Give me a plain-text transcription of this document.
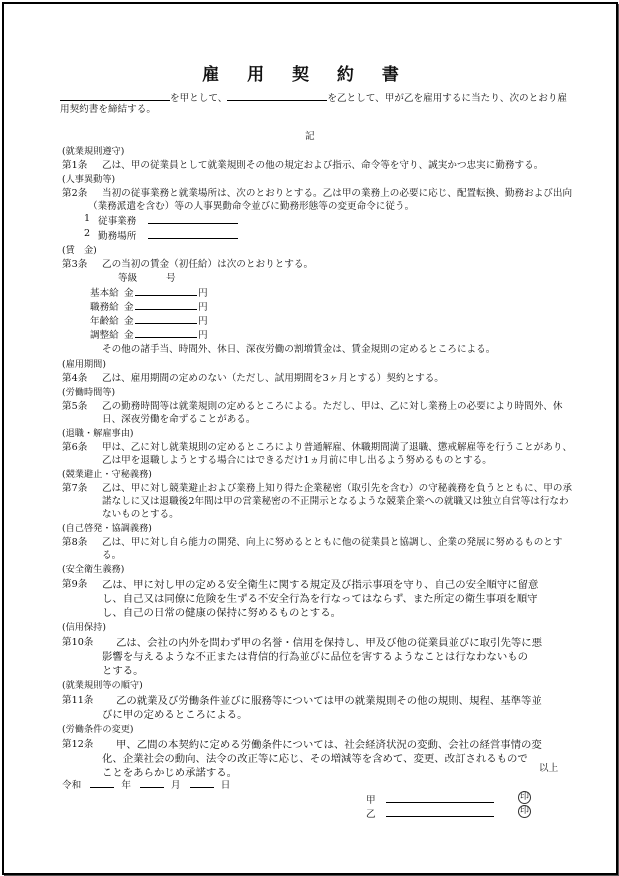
雇 用 契 約 書
を甲として、	を乙として、甲が乙を雇用するに当たり、次のとおり雇
用契約書を締結する。
記
(就業規則遵守)
第1条 乙は、甲の従業員として就業規則その他の規定および指示、命令等を守り、誠実かつ忠実に勤務する。
(人事異動等)
第2条 当初の従事業務と就業場所は、次のとおりとする。乙は甲の業務上の必要に応じ、配置転換、勤務および出向
（業務派遣を含む）等の人事異動命令並びに勤務形態等の変更命令に従う。
1 従事業務
2 勤務場所
(賃　金)
第3条 乙の当初の賃金（初任給）は次のとおりとする。
等級　　　号
基本給 金	円
職務給 金	円
年齢給 金	円
調整給 金	円
その他の諸手当、時間外、休日、深夜労働の割増賃金は、賃金規則の定めるところによる。
(雇用期間)
第4条 乙は、雇用期間の定めのない（ただし、試用期間を3ヶ月とする）契約とする。
(労働時間等)
第5条 乙の勤務時間等は就業規則の定めるところによる。ただし、甲は、乙に対し業務上の必要により時間外、休
日、深夜労働を命ずることがある。
(退職・解雇事由)
第6条 甲は、乙に対し就業規則の定めるところにより普通解雇、休職期間満了退職、懲戒解雇等を行うことがあり、
乙は甲を退職しようとする場合にはできるだけ1ヵ月前に申し出るよう努めるものとする。
(競業避止・守秘義務)
第7条 乙は、甲に対し競業避止および業務上知り得た企業秘密（取引先を含む）の守秘義務を負うとともに、甲の承
諾なしに又は退職後2年間は甲の営業秘密の不正開示となるような競業企業への就職又は独立自営等は行なわ
ないものとする。
(自己啓発・協調義務)
第8条 乙は、甲に対し自ら能力の開発、向上に努めるとともに他の従業員と協調し、企業の発展に努めるものとす
る。
(安全衛生義務)
第9条 乙は、甲に対し甲の定める安全衛生に関する規定及び指示事項を守り、自己の安全順守に留意
し、自己又は同僚に危険を生ずる不安全行為を行なってはならず、また所定の衛生事項を順守
し、自己の日常の健康の保持に努めるものとする。
(信用保持)
第10条 乙は、会社の内外を問わず甲の名誉・信用を保持し、甲及び他の従業員並びに取引先等に悪
影響を与えるような不正または背信的行為並びに品位を害するようなことは行なわないもの
とする。
(就業規則等の順守)
第11条 乙の就業及び労働条件並びに服務等については甲の就業規則その他の規則、規程、基準等並
びに甲の定めるところによる。
(労働条件の変更)
第12条 甲、乙間の本契約に定める労働条件については、社会経済状況の変動、会社の経営事情の変
化、企業社会の動向、法令の改正等に応じ、その増減等を含めて、変更、改訂されるもので
ことをあらかじめ承諾する。	以上
令和	年	月	日
甲	印
乙	印
